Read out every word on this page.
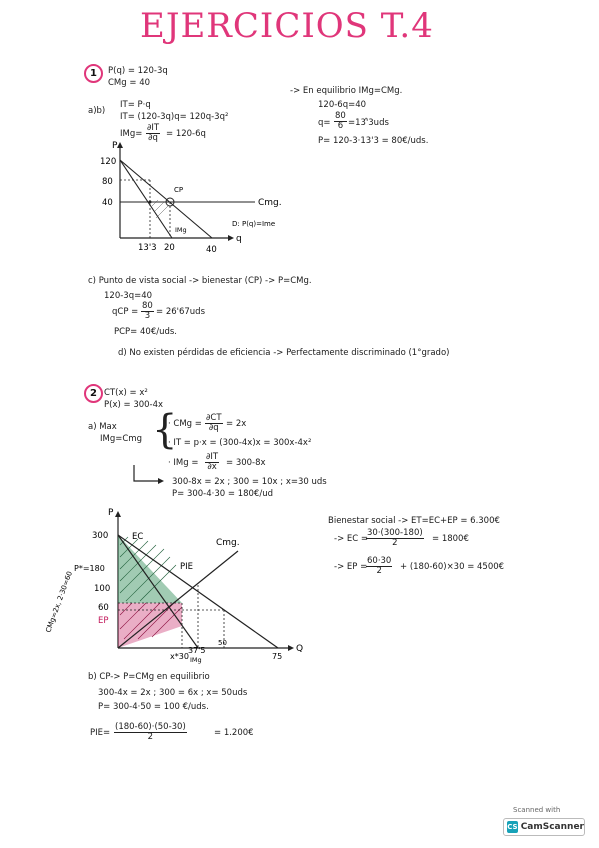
EJERCICIOS T.4
1	P(q) = 120-3q
CMg = 40
a)b)
IT= P·q
IT= (120-3q)q= 120q-3q²
$IMg= \frac{\partial IT}{\partial q} = 120-6q$
-> En equilibrio IMg=CMg.
120-6q=40
$q= \frac{80}{6}$ =13'̂3uds
P= 120-3·13'3 = 80€/uds.
120
80
40
P
q
CP
Cmg.
IMg
D: P(q)=Ime
13'3 20	40
c) Punto de vista social -> bienestar (CP) -> P=CMg.
120-3q=40
qCP = $\frac{80}{3} = 26'67uds$
PCP= 40€/uds.
d) No existen pérdidas de eficiencia -> Perfectamente discriminado (1°grado)
2 CT(x) = x²
P(x) = 300-4x
a) Max
IMg=Cmg {
· CMg = $\frac{\partial CT}{\partial q} = 2x$
· IT = p·x = (300-4x)x = 300x-4x²
· IMg = $\frac{\partial IT}{\partial x} = 300-8x$
300-8x = 2x ; 300 = 10x ; x=30 uds
P= 300-4·30 = 180€/ud
Bienestar social -> ET=EC+EP = 6.300€
-> EC =
$\frac{30\cdot(300-180)}{2}$ = 1800€
-> EP =
$\frac{60\cdot 30}{2} + (180-60)\times 30$ = 4500€
300
P*=180
100
60
EP
P
Q
EC
PIE
Cmg.
x*30
37'5
IMg
50
75
CMg=2x, 2·30=60
b) CP-> P=CMg en equilibrio
300-4x = 2x ; 300 = 6x ; x= 50uds
P= 300-4·50 = 100 €/uds.
$PIE= \frac{(180-60)\cdot(50-30)}{2}$	= 1.200€
Scanned with
CS CamScanner
